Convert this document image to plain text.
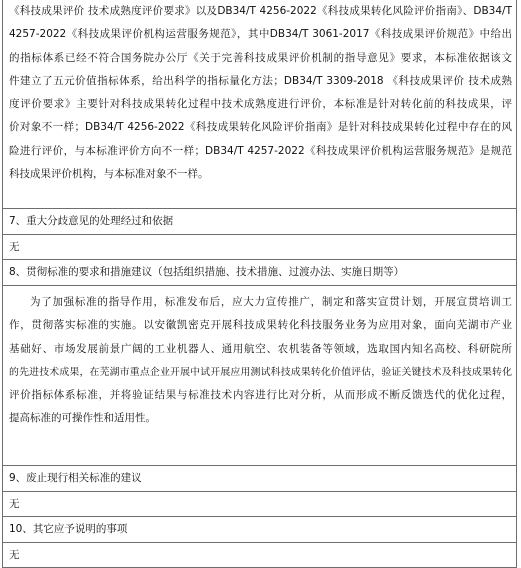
《科技成果评价 技术成熟度评价要求》以及DB34/T 4256-2022《科技成果转化风险评价指南》、DB34/T
4257-2022《科技成果评价机构运营服务规范》，其中DB34/T 3061-2017《科技成果评价规范》中给出
的指标体系已经不符合国务院办公厅《关于完善科技成果评价机制的指导意见》要求，本标准依据该文
件建立了五元价值指标体系，给出科学的指标量化方法；DB34/T 3309-2018 《科技成果评价 技术成熟
度评价要求》主要针对科技成果转化过程中技术成熟度进行评价，本标准是针对转化前的科技成果，评
价对象不一样；DB34/T 4256-2022《科技成果转化风险评价指南》是针对科技成果转化过程中存在的风
险进行评价，与本标准评价方向不一样；DB34/T 4257-2022《科技成果评价机构运营服务规范》是规范
科技成果评价机构，与本标准对象不一样。
7、重大分歧意见的处理经过和依据
无
8、贯彻标准的要求和措施建议（包括组织措施、技术措施、过渡办法、实施日期等）
为了加强标准的指导作用，标准发布后，应大力宣传推广，制定和落实宣贯计划，开展宣贯培训工
作，贯彻落实标准的实施。以安徽凯密克开展科技成果转化科技服务业务为应用对象，面向芜湖市产业
基础好、市场发展前景广阔的工业机器人、通用航空、农机装备等领域，选取国内知名高校、科研院所
的先进技术成果，在芜湖市重点企业开展中试开展应用测试科技成果转化价值评估，验证关键技术及科技成果转化
评价指标体系标准，并将验证结果与标准技术内容进行比对分析，从而形成不断反馈迭代的优化过程，
提高标准的可操作性和适用性。
9、废止现行相关标准的建议
无
10、其它应予说明的事项
无
